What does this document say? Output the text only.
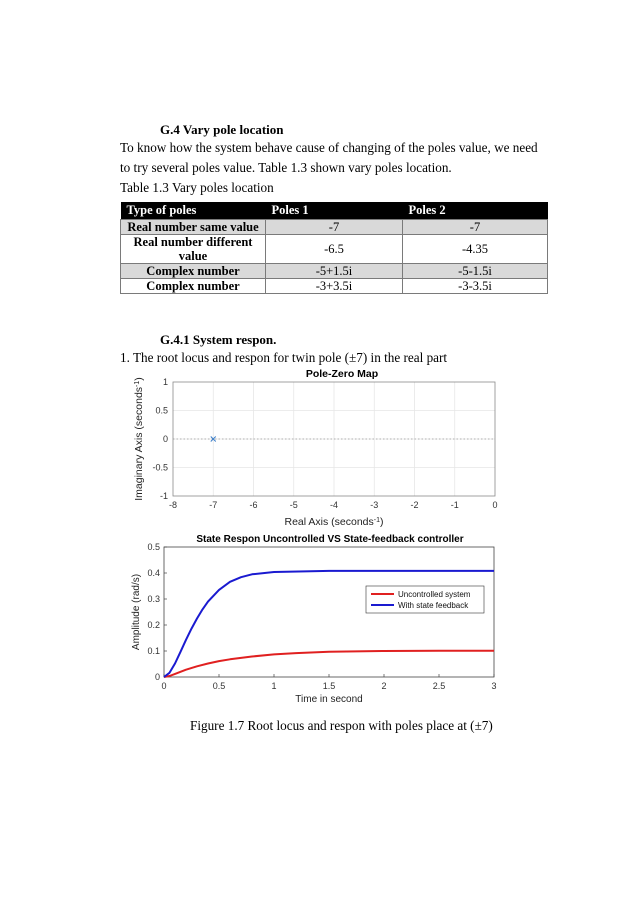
G.4 Vary pole location
To know how the system behave cause of changing of the poles value, we need to try several poles value. Table 1.3 shown vary poles location.
Table 1.3 Vary poles location
Type of poles	Poles 1	Poles 2
Real number same value	-7	-7
Real number different value	-6.5	-4.35
Complex number	-5+1.5i	-5-1.5i
Complex number	-3+3.5i	-3-3.5i
G.4.1 System respon.
1. The root locus and respon for twin pole (±7) in the real part
Pole-Zero Map
-8	-7	-6	-5	-4	-3	-2	-1	0
-1
-0.5
0
0.5
1
Real Axis (seconds$^{-1}$)
Imaginary Axis (seconds$^{-1}$)
State Respon Uncontrolled VS State-feedback controller
0	0.5	1	1.5	2	2.5	3
0
0.1
0.2
0.3
0.4
0.5
Uncontrolled system
With state feedback
Time in second
Amplitude (rad/s)
Figure 1.7 Root locus and respon with poles place at (±7)
